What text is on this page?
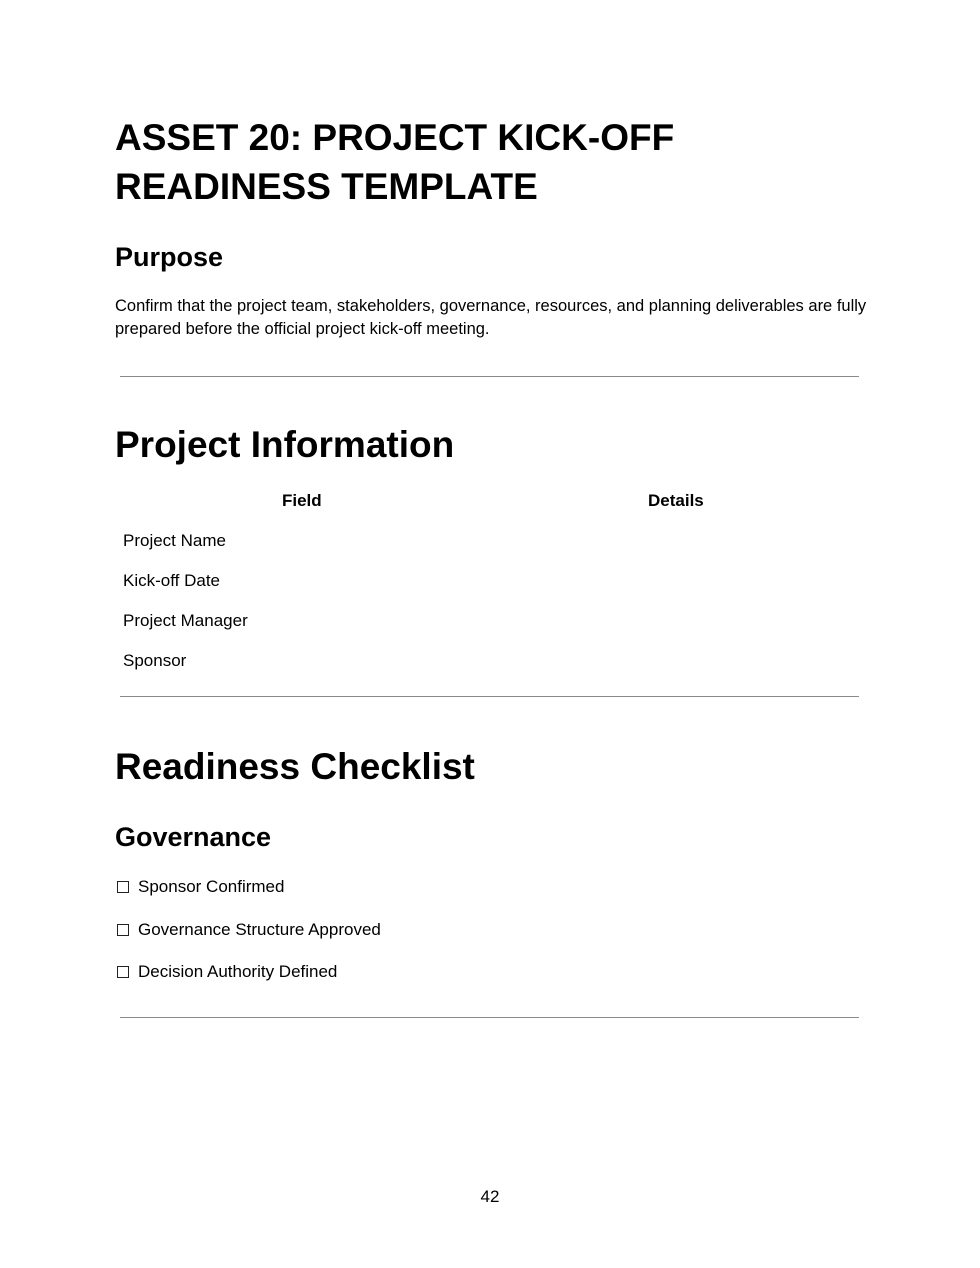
ASSET 20: PROJECT KICK-OFF READINESS TEMPLATE
Purpose

Confirm that the project team, stakeholders, governance, resources, and planning deliverables are fully prepared before the official project kick-off meeting.

Project Information
Field	Details
Project Name
Kick-off Date
Project Manager
Sponsor
Readiness Checklist
Governance
Sponsor Confirmed
Governance Structure Approved
Decision Authority Defined
42
